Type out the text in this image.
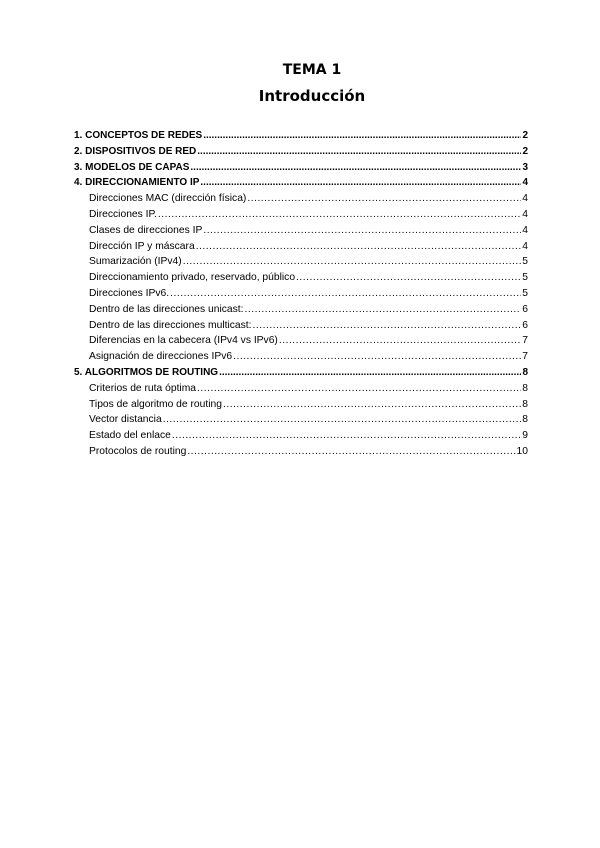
TEMA 1
Introducción
1. CONCEPTOS DE REDES .....	2
2. DISPOSITIVOS DE RED .....	2
3. MODELOS DE CAPAS .....	3
4. DIRECCIONAMIENTO IP .....	4
Direcciones MAC (dirección física) .....	4
Direcciones IP. .....	4
Clases de direcciones IP .....	4
Dirección IP y máscara .....	4
Sumarización (IPv4) .....	5
Direccionamiento privado, reservado, público .....	5
Direcciones IPv6. .....	5
Dentro de las direcciones unicast: .....	6
Dentro de las direcciones multicast: .....	6
Diferencias en la cabecera (IPv4 vs IPv6) .....	7
Asignación de direcciones IPv6 .....	7
5. ALGORITMOS DE ROUTING .....	8
Criterios de ruta óptima .....	8
Tipos de algoritmo de routing .....	8
Vector distancia .....	8
Estado del enlace .....	9
Protocolos de routing .....	10
